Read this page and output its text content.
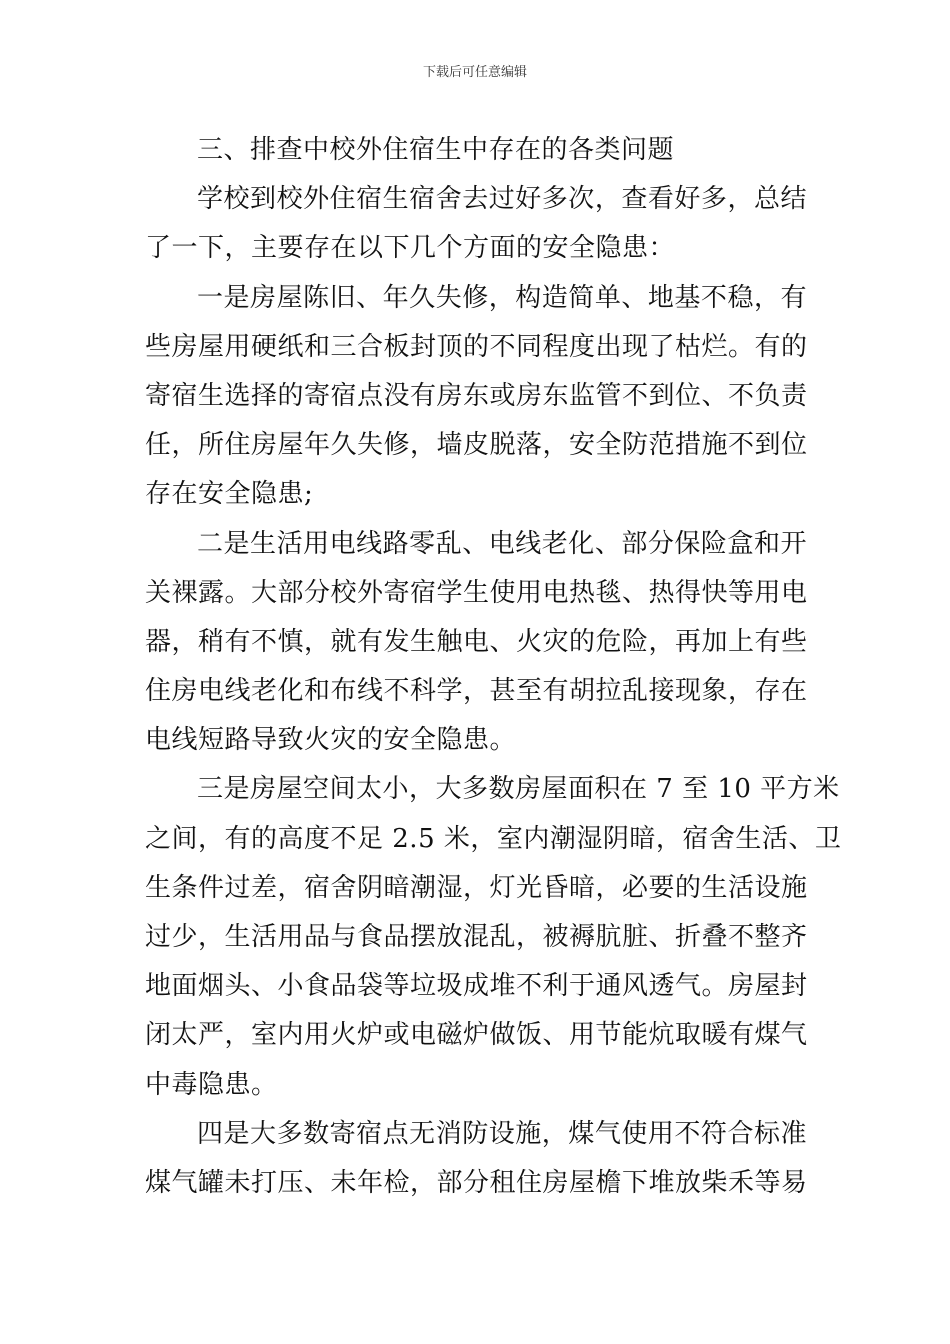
下载后可任意编辑
三、排查中校外住宿生中存在的各类问题
学校到校外住宿生宿舍去过好多次，查看好多，总结
了一下，主要存在以下几个方面的安全隐患：
一是房屋陈旧、年久失修，构造简单、地基不稳，有
些房屋用硬纸和三合板封顶的不同程度出现了枯烂。有的
寄宿生选择的寄宿点没有房东或房东监管不到位、不负责
任，所住房屋年久失修，墙皮脱落，安全防范措施不到位
存在安全隐患;
二是生活用电线路零乱、电线老化、部分保险盒和开
关裸露。大部分校外寄宿学生使用电热毯、热得快等用电
器，稍有不慎，就有发生触电、火灾的危险，再加上有些
住房电线老化和布线不科学，甚至有胡拉乱接现象，存在
电线短路导致火灾的安全隐患。
三是房屋空间太小，大多数房屋面积在 7 至 10 平方米
之间，有的高度不足 2.5 米，室内潮湿阴暗，宿舍生活、卫
生条件过差，宿舍阴暗潮湿，灯光昏暗，必要的生活设施
过少，生活用品与食品摆放混乱，被褥肮脏、折叠不整齐
地面烟头、小食品袋等垃圾成堆不利于通风透气。房屋封
闭太严，室内用火炉或电磁炉做饭、用节能炕取暖有煤气
中毒隐患。
四是大多数寄宿点无消防设施，煤气使用不符合标准
煤气罐未打压、未年检，部分租住房屋檐下堆放柴禾等易
